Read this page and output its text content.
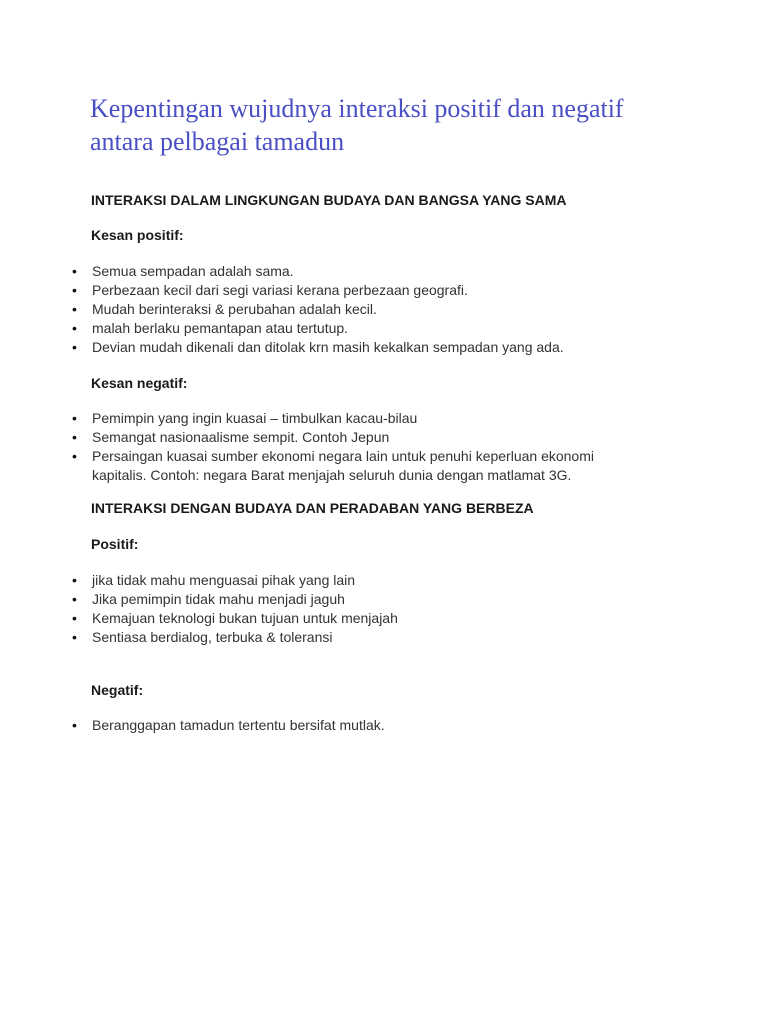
Kepentingan wujudnya interaksi positif dan negatif antara pelbagai tamadun
INTERAKSI DALAM LINGKUNGAN BUDAYA DAN BANGSA YANG SAMA
Kesan positif:
• Semua sempadan adalah sama.
• Perbezaan kecil dari segi variasi kerana perbezaan geografi.
• Mudah berinteraksi & perubahan adalah kecil.
• malah berlaku pemantapan atau tertutup.
• Devian mudah dikenali dan ditolak krn masih kekalkan sempadan yang ada.
Kesan negatif:
• Pemimpin yang ingin kuasai – timbulkan kacau-bilau
• Semangat nasionaalisme sempit. Contoh Jepun
• Persaingan kuasai sumber ekonomi negara lain untuk penuhi keperluan ekonomi kapitalis. Contoh: negara Barat menjajah seluruh dunia dengan matlamat 3G.
INTERAKSI DENGAN BUDAYA DAN PERADABAN YANG BERBEZA
Positif:
• jika tidak mahu menguasai pihak yang lain
• Jika pemimpin tidak mahu menjadi jaguh
• Kemajuan teknologi bukan tujuan untuk menjajah
• Sentiasa berdialog, terbuka & toleransi
Negatif:
• Beranggapan tamadun tertentu bersifat mutlak.
